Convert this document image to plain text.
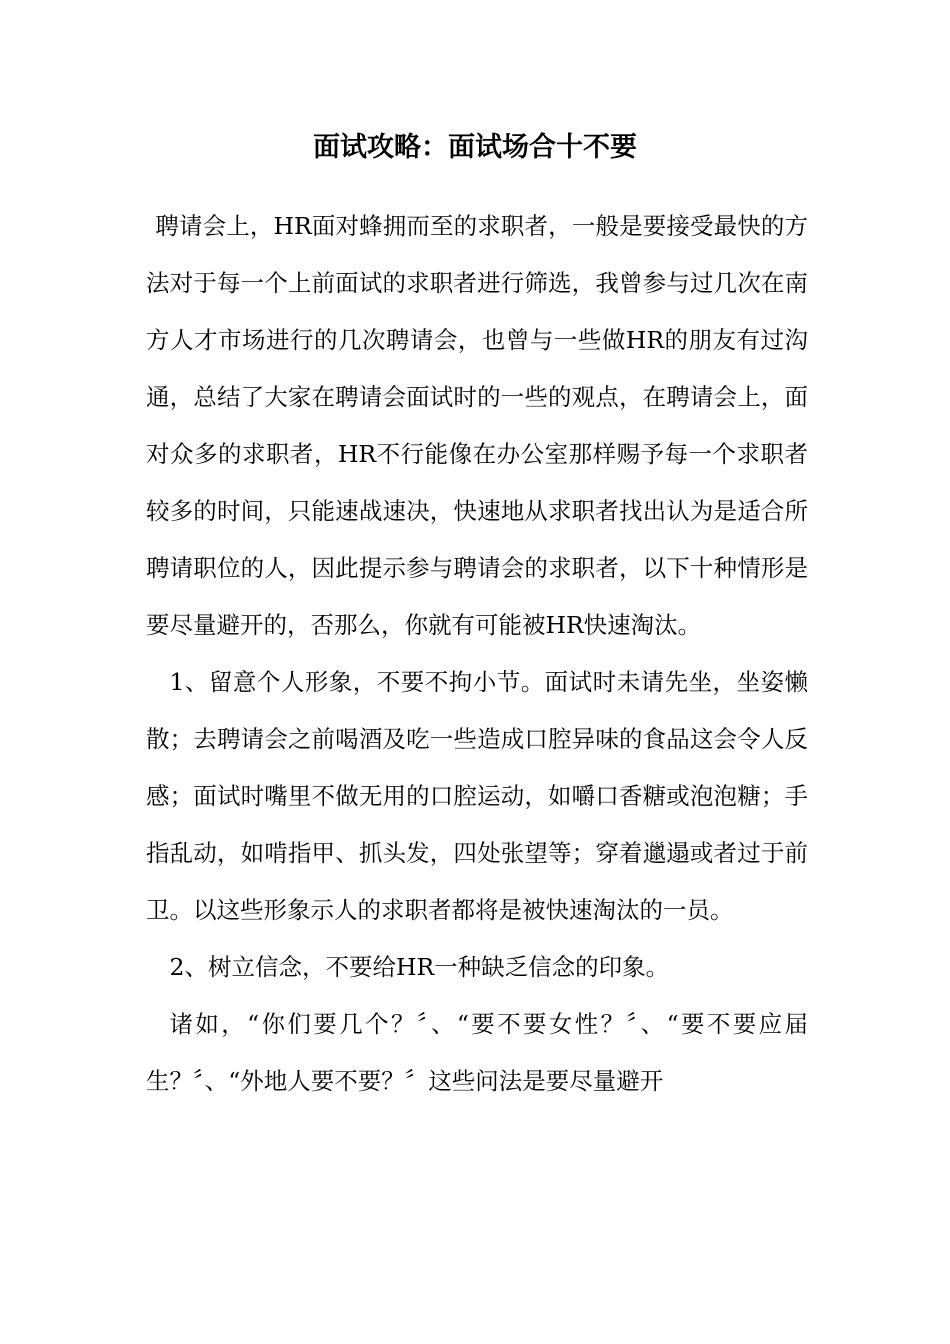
面试攻略：面试场合十不要

聘请会上，HR面对蜂拥而至的求职者，一般是要接受最快的方法对于每一个上前面试的求职者进行筛选，我曾参与过几次在南方人才市场进行的几次聘请会，也曾与一些做HR的朋友有过沟通，总结了大家在聘请会面试时的一些的观点，在聘请会上，面对众多的求职者，HR不行能像在办公室那样赐予每一个求职者较多的时间，只能速战速决，快速地从求职者找出认为是适合所聘请职位的人，因此提示参与聘请会的求职者，以下十种情形是要尽量避开的，否那么，你就有可能被HR快速淘汰。

1、留意个人形象，不要不拘小节。面试时未请先坐，坐姿懒散；去聘请会之前喝酒及吃一些造成口腔异味的食品这会令人反感；面试时嘴里不做无用的口腔运动，如嚼口香糖或泡泡糖；手指乱动，如啃指甲、抓头发，四处张望等；穿着邋遢或者过于前卫。以这些形象示人的求职者都将是被快速淘汰的一员。

2、树立信念，不要给HR一种缺乏信念的印象。

诸如，“你们要几个？〞、“要不要女性？〞、“要不要应届生？〞、“外地人要不要？〞这些问法是要尽量避开
